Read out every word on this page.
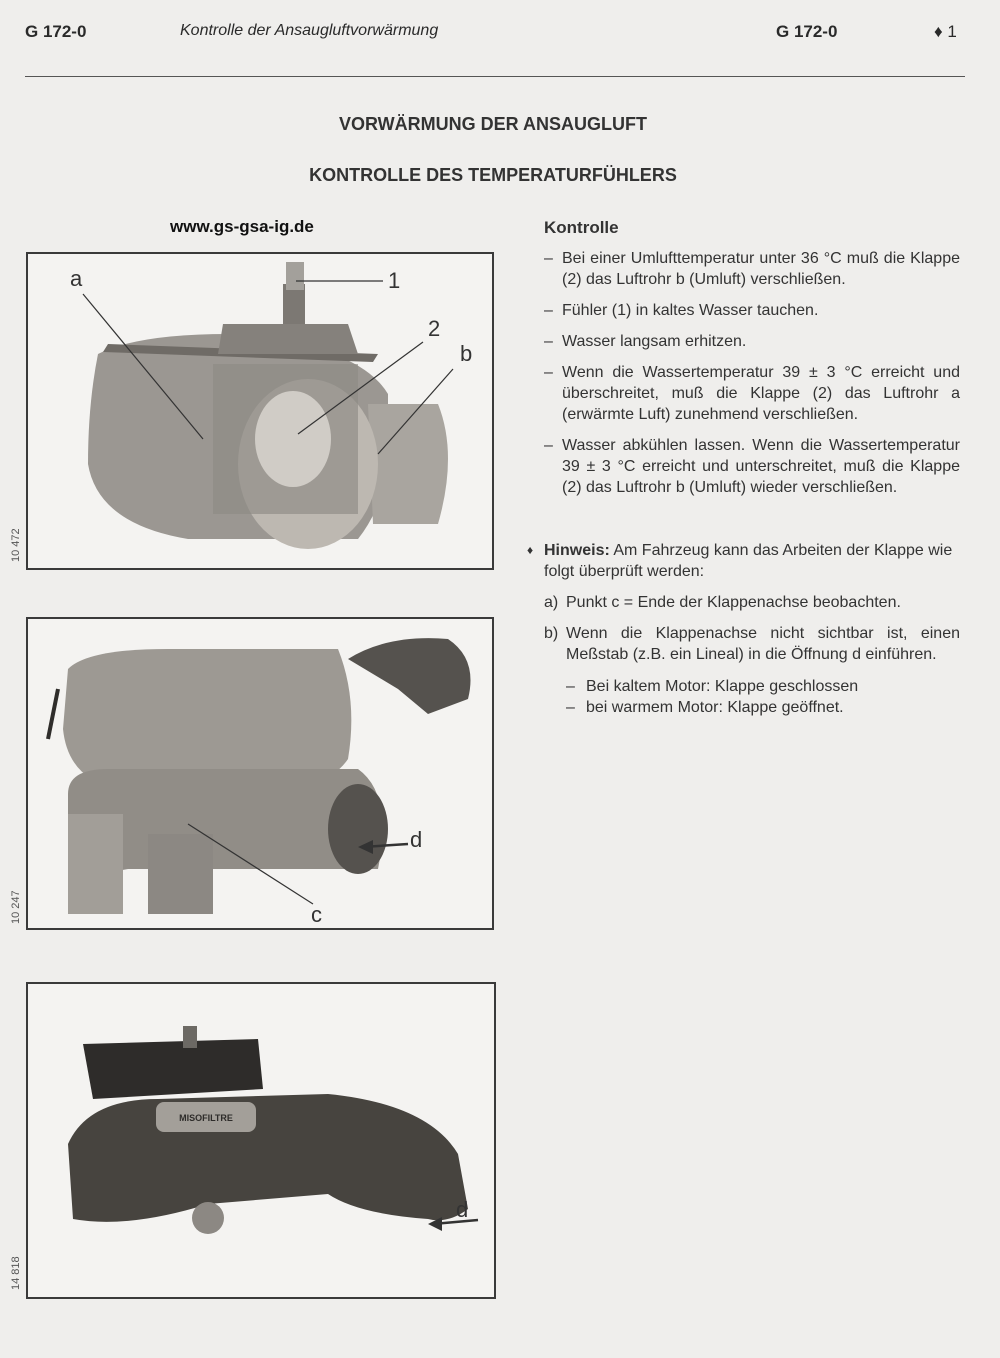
G 172-0	Kontrolle der Ansaugluftvorwärmung	G 172-0	♦ 1
VORWÄRMUNG DER ANSAUGLUFT
KONTROLLE DES TEMPERATURFÜHLERS
www.gs-gsa-ig.de	Kontrolle
– Bei einer Umlufttemperatur unter 36 °C muß die Klappe (2) das Luftrohr b (Umluft) verschließen.
– Fühler (1) in kaltes Wasser tauchen.
– Wasser langsam erhitzen.
– Wenn die Wassertemperatur 39 ± 3 °C erreicht und überschreitet, muß die Klappe (2) das Luftrohr a (erwärmte Luft) zunehmend verschließen.
– Wasser abkühlen lassen. Wenn die Wassertemperatur 39 ± 3 °C erreicht und unterschreitet, muß die Klappe (2) das Luftrohr b (Umluft) wieder verschließen.
♦ Hinweis: Am Fahrzeug kann das Arbeiten der Klappe wie folgt überprüft werden:
a) Punkt c = Ende der Klappenachse beobachten.
b) Wenn die Klappenachse nicht sichtbar ist, einen Meßstab (z.B. ein Lineal) in die Öffnung d einführen.
– Bei kaltem Motor: Klappe geschlossen
– bei warmem Motor: Klappe geöffnet.
a	1
2
b
10 472
d
c
10 247
d
MISOFILTRE
14 818
